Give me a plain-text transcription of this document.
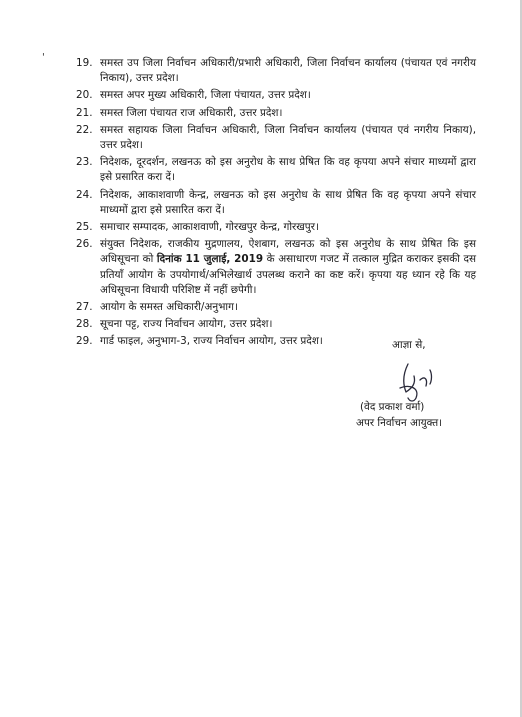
'	19. समस्त उप जिला निर्वाचन अधिकारी/प्रभारी अधिकारी, जिला निर्वाचन कार्यालय (पंचायत एवं नगरीय निकाय), उत्तर प्रदेश।
20. समस्त अपर मुख्य अधिकारी, जिला पंचायत, उत्तर प्रदेश।
21. समस्त जिला पंचायत राज अधिकारी, उत्तर प्रदेश।
22. समस्त सहायक जिला निर्वाचन अधिकारी, जिला निर्वाचन कार्यालय (पंचायत एवं नगरीय निकाय), उत्तर प्रदेश।
23. निदेशक, दूरदर्शन, लखनऊ को इस अनुरोध के साथ प्रेषित कि वह कृपया अपने संचार माध्यमों द्वारा इसे प्रसारित करा दें।
24. निदेशक, आकाशवाणी केन्द्र, लखनऊ को इस अनुरोध के साथ प्रेषित कि वह कृपया अपने संचार माध्यमों द्वारा इसे प्रसारित करा दें।
25. समाचार सम्पादक, आकाशवाणी, गोरखपुर केन्द्र, गोरखपुर।
26. संयुक्त निदेशक, राजकीय मुद्रणालय, ऐशबाग, लखनऊ को इस अनुरोध के साथ प्रेषित कि इस अधिसूचना को दिनांक 11 जुलाई, 2019 के असाधारण गजट में तत्काल मुद्रित कराकर इसकी दस प्रतियाँ आयोग के उपयोगार्थ/अभिलेखार्थ उपलब्ध कराने का कष्ट करें। कृपया यह ध्यान रहे कि यह अधिसूचना विधायी परिशिष्ट में नहीं छपेगी।
27. आयोग के समस्त अधिकारी/अनुभाग।
28. सूचना पट्ट, राज्य निर्वाचन आयोग, उत्तर प्रदेश।
29. गार्ड फाइल, अनुभाग-3, राज्य निर्वाचन आयोग, उत्तर प्रदेश।	आज्ञा से,
(वेद प्रकाश वर्मा)
अपर निर्वाचन आयुक्त।
